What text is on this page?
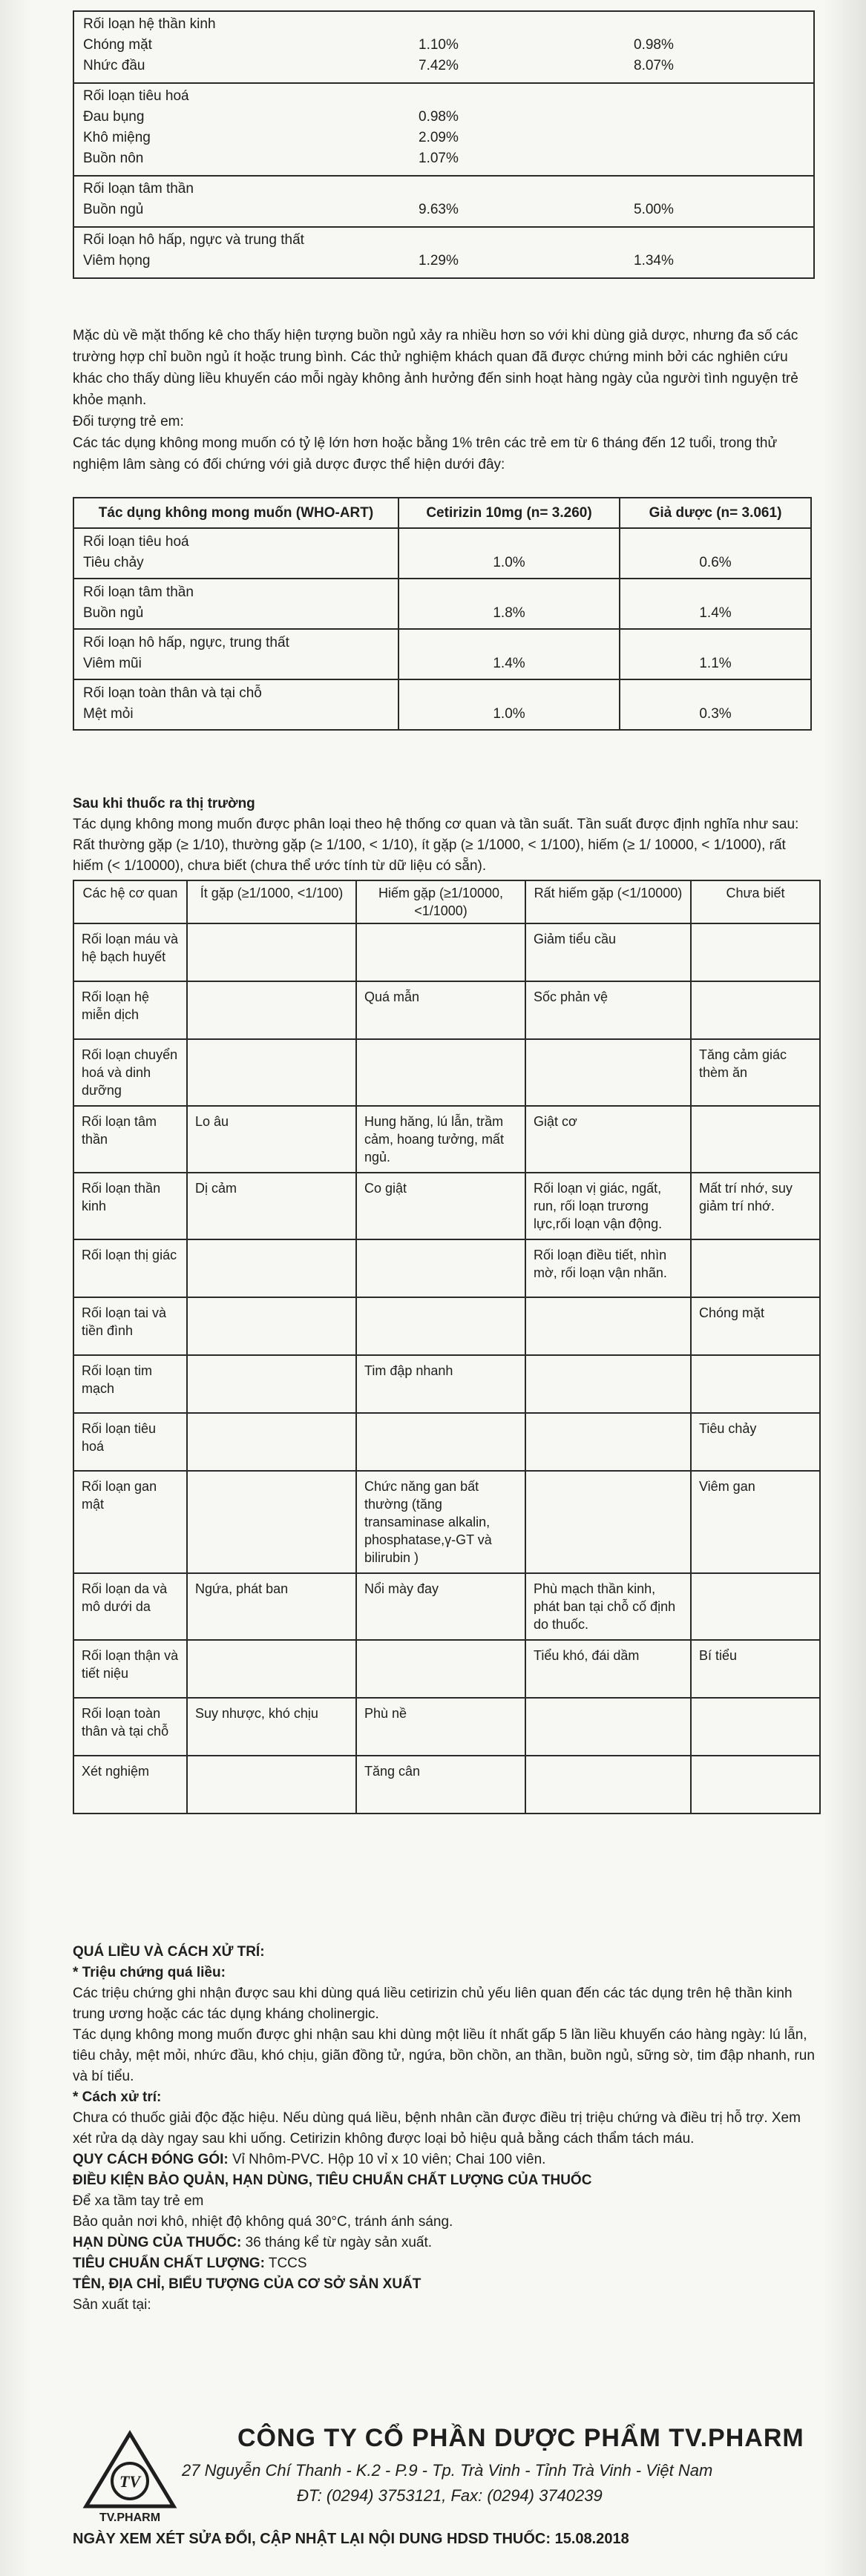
Rối loạn hệ thần kinh
Chóng mặt	1.10%	0.98%
Nhức đầu	7.42%	8.07%

Rối loạn tiêu hoá
Đau bụng	0.98%
Khô miệng	2.09%
Buồn nôn	1.07%

Rối loạn tâm thần
Buồn ngủ	9.63%	5.00%

Rối loạn hô hấp, ngực và trung thất
Viêm họng	1.29%	1.34%

Mặc dù về mặt thống kê cho thấy hiện tượng buồn ngủ xảy ra nhiều hơn so với khi dùng giả dược, nhưng đa số các trường hợp chỉ buồn ngủ ít hoặc trung bình. Các thử nghiệm khách quan đã được chứng minh bởi các nghiên cứu khác cho thấy dùng liều khuyến cáo mỗi ngày không ảnh hưởng đến sinh hoạt hàng ngày của người tình nguyện trẻ khỏe mạnh.

Đối tượng trẻ em:

Các tác dụng không mong muốn có tỷ lệ lớn hơn hoặc bằng 1% trên các trẻ em từ 6 tháng đến 12 tuổi, trong thử nghiệm lâm sàng có đối chứng với giả dược được thể hiện dưới đây:

Tác dụng không mong muốn (WHO-ART)	Cetirizin 10mg (n= 3.260)	Giả dược (n= 3.061)

Rối loạn tiêu hoá
Tiêu chảy	1.0%	0.6%

Rối loạn tâm thần
Buồn ngủ	1.8%	1.4%

Rối loạn hô hấp, ngực, trung thất
Viêm mũi	1.4%	1.1%

Rối loạn toàn thân và tại chỗ
Mệt mỏi	1.0%	0.3%

Sau khi thuốc ra thị trường

Tác dụng không mong muốn được phân loại theo hệ thống cơ quan và tần suất. Tần suất được định nghĩa như sau: Rất thường gặp (≥ 1/10), thường gặp (≥ 1/100, < 1/10), ít gặp (≥ 1/1000, < 1/100), hiếm (≥ 1/ 10000, < 1/1000), rất hiếm (< 1/10000), chưa biết (chưa thể ước tính từ dữ liệu có sẵn).

Các hệ cơ quan	Ít gặp (≥1/1000, <1/100)	Hiếm gặp (≥1/10000, <1/1000)	Rất hiếm gặp (<1/10000)	Chưa biết
Rối loạn máu và hệ bạch huyết			Giảm tiểu cầu	
Rối loạn hệ miễn dịch		Quá mẫn	Sốc phản vệ	
Rối loạn chuyển hoá và dinh dưỡng				Tăng cảm giác thèm ăn
Rối loạn tâm thần	Lo âu	Hung hăng, lú lẫn, trầm cảm, hoang tưởng, mất ngủ.	Giật cơ	
Rối loạn thần kinh	Dị cảm	Co giật	Rối loạn vị giác, ngất, run, rối loạn trương lực,rối loạn vận động.	Mất trí nhớ, suy giảm trí nhớ.
Rối loạn thị giác			Rối loạn điều tiết, nhìn mờ, rối loạn vận nhãn.	
Rối loạn tai và tiền đình				Chóng mặt
Rối loạn tim mạch		Tim đập nhanh		
Rối loạn tiêu hoá				Tiêu chảy
Rối loạn gan mật		Chức năng gan bất thường (tăng transaminase alkalin, phosphatase,γ-GT và bilirubin )		Viêm gan
Rối loạn da và mô dưới da	Ngứa, phát ban	Nổi mày đay	Phù mạch thần kinh, phát ban tại chỗ cố định do thuốc.	
Rối loạn thận và tiết niệu			Tiểu khó, đái dầm	Bí tiểu
Rối loạn toàn thân và tại chỗ	Suy nhược, khó chịu	Phù nề		
Xét nghiệm		Tăng cân		

QUÁ LIỀU VÀ CÁCH XỬ TRÍ:

* Triệu chứng quá liều:

Các triệu chứng ghi nhận được sau khi dùng quá liều cetirizin chủ yếu liên quan đến các tác dụng trên hệ thần kinh trung ương hoặc các tác dụng kháng cholinergic.

Tác dụng không mong muốn được ghi nhận sau khi dùng một liều ít nhất gấp 5 lần liều khuyến cáo hàng ngày: lú lẫn, tiêu chảy, mệt mỏi, nhức đầu, khó chịu, giãn đồng tử, ngứa, bồn chồn, an thần, buồn ngủ, sững sờ, tim đập nhanh, run và bí tiểu.

* Cách xử trí:

Chưa có thuốc giải độc đặc hiệu. Nếu dùng quá liều, bệnh nhân cần được điều trị triệu chứng và điều trị hỗ trợ. Xem xét rửa dạ dày ngay sau khi uống. Cetirizin không được loại bỏ hiệu quả bằng cách thẩm tách máu.

QUY CÁCH ĐÓNG GÓI: Vỉ Nhôm-PVC. Hộp 10 vỉ x 10 viên; Chai 100 viên.

ĐIỀU KIỆN BẢO QUẢN, HẠN DÙNG, TIÊU CHUẨN CHẤT LƯỢNG CỦA THUỐC

Để xa tầm tay trẻ em

Bảo quản nơi khô, nhiệt độ không quá 30°C, tránh ánh sáng.

HẠN DÙNG CỦA THUỐC: 36 tháng kể từ ngày sản xuất.

TIÊU CHUẨN CHẤT LƯỢNG: TCCS

TÊN, ĐỊA CHỈ, BIỂU TƯỢNG CỦA CƠ SỞ SẢN XUẤT

Sản xuất tại:

TV
TV.PHARM
CÔNG TY CỔ PHẦN DƯỢC PHẨM TV.PHARM
27 Nguyễn Chí Thanh - K.2 - P.9 - Tp. Trà Vinh - Tỉnh Trà Vinh - Việt Nam
ĐT: (0294) 3753121, Fax: (0294) 3740239
NGÀY XEM XÉT SỬA ĐỔI, CẬP NHẬT LẠI NỘI DUNG HDSD THUỐC: 15.08.2018
